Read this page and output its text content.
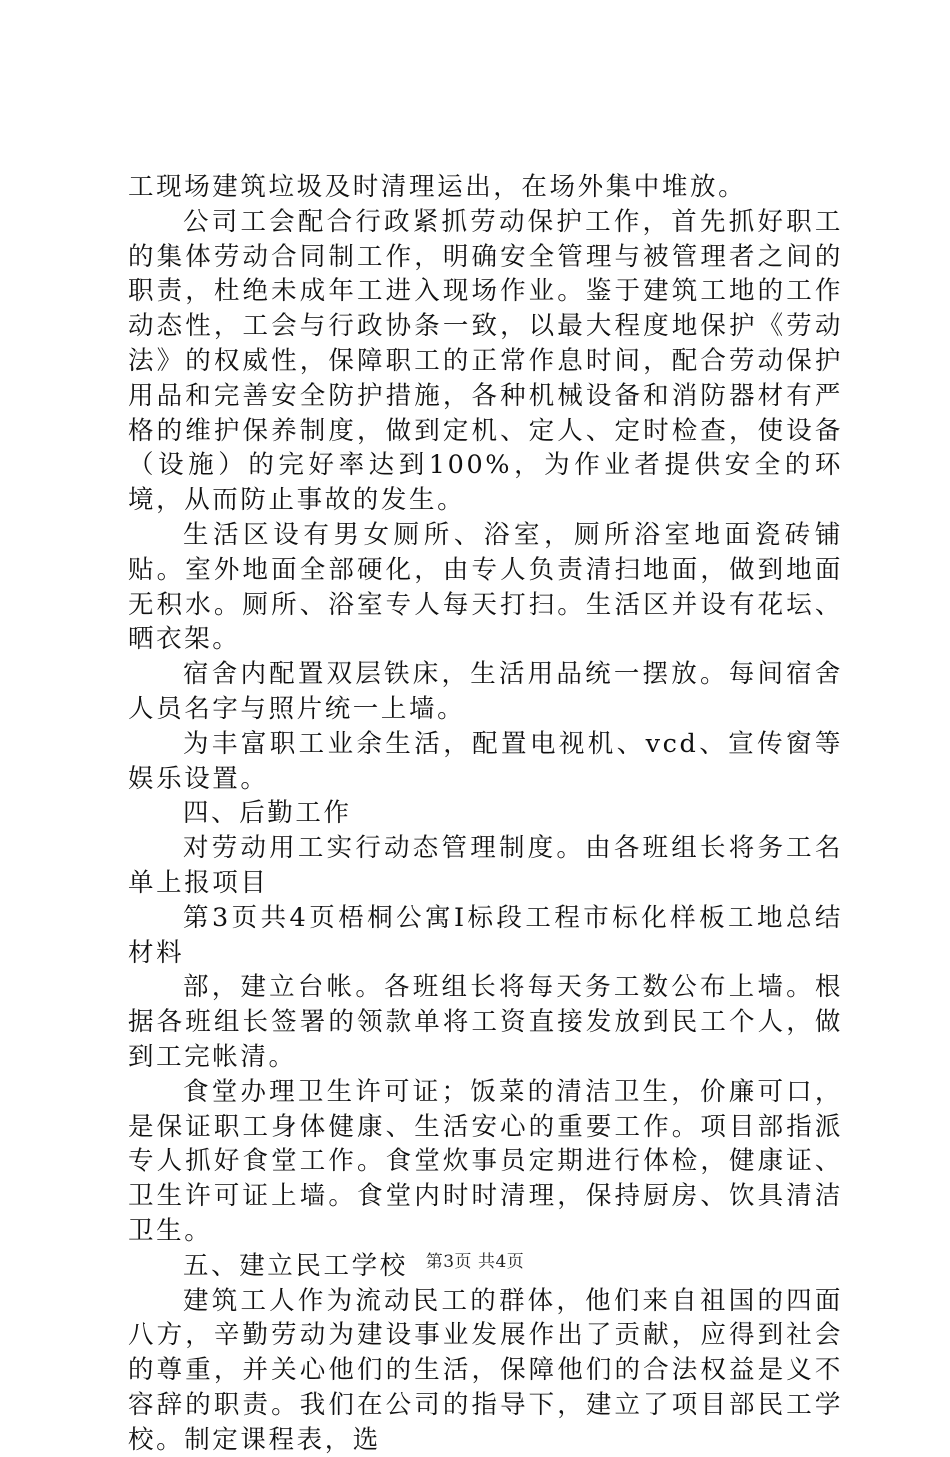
工现场建筑垃圾及时清理运出，在场外集中堆放。

公司工会配合行政紧抓劳动保护工作，首先抓好职工的集体劳动合同制工作，明确安全管理与被管理者之间的职责，杜绝未成年工进入现场作业。鉴于建筑工地的工作动态性，工会与行政协条一致，以最大程度地保护《劳动法》的权威性，保障职工的正常作息时间，配合劳动保护用品和完善安全防护措施，各种机械设备和消防器材有严格的维护保养制度，做到定机、定人、定时检查，使设备（设施）的完好率达到100%，为作业者提供安全的环境，从而防止事故的发生。

生活区设有男女厕所、浴室，厕所浴室地面瓷砖铺贴。室外地面全部硬化，由专人负责清扫地面，做到地面无积水。厕所、浴室专人每天打扫。生活区并设有花坛、晒衣架。

宿舍内配置双层铁床，生活用品统一摆放。每间宿舍人员名字与照片统一上墙。

为丰富职工业余生活，配置电视机、vcd、宣传窗等娱乐设置。

四、后勤工作

对劳动用工实行动态管理制度。由各班组长将务工名单上报项目

第3页共4页梧桐公寓Ⅰ标段工程市标化样板工地总结材料

部，建立台帐。各班组长将每天务工数公布上墙。根据各班组长签署的领款单将工资直接发放到民工个人，做到工完帐清。

食堂办理卫生许可证；饭菜的清洁卫生，价廉可口，是保证职工身体健康、生活安心的重要工作。项目部指派专人抓好食堂工作。食堂炊事员定期进行体检，健康证、卫生许可证上墙。食堂内时时清理，保持厨房、饮具清洁卫生。

五、建立民工学校

建筑工人作为流动民工的群体，他们来自祖国的四面八方，辛勤劳动为建设事业发展作出了贡献，应得到社会的尊重，并关心他们的生活，保障他们的合法权益是义不容辞的职责。我们在公司的指导下，建立了项目部民工学校。制定课程表，选

第3页 共4页
